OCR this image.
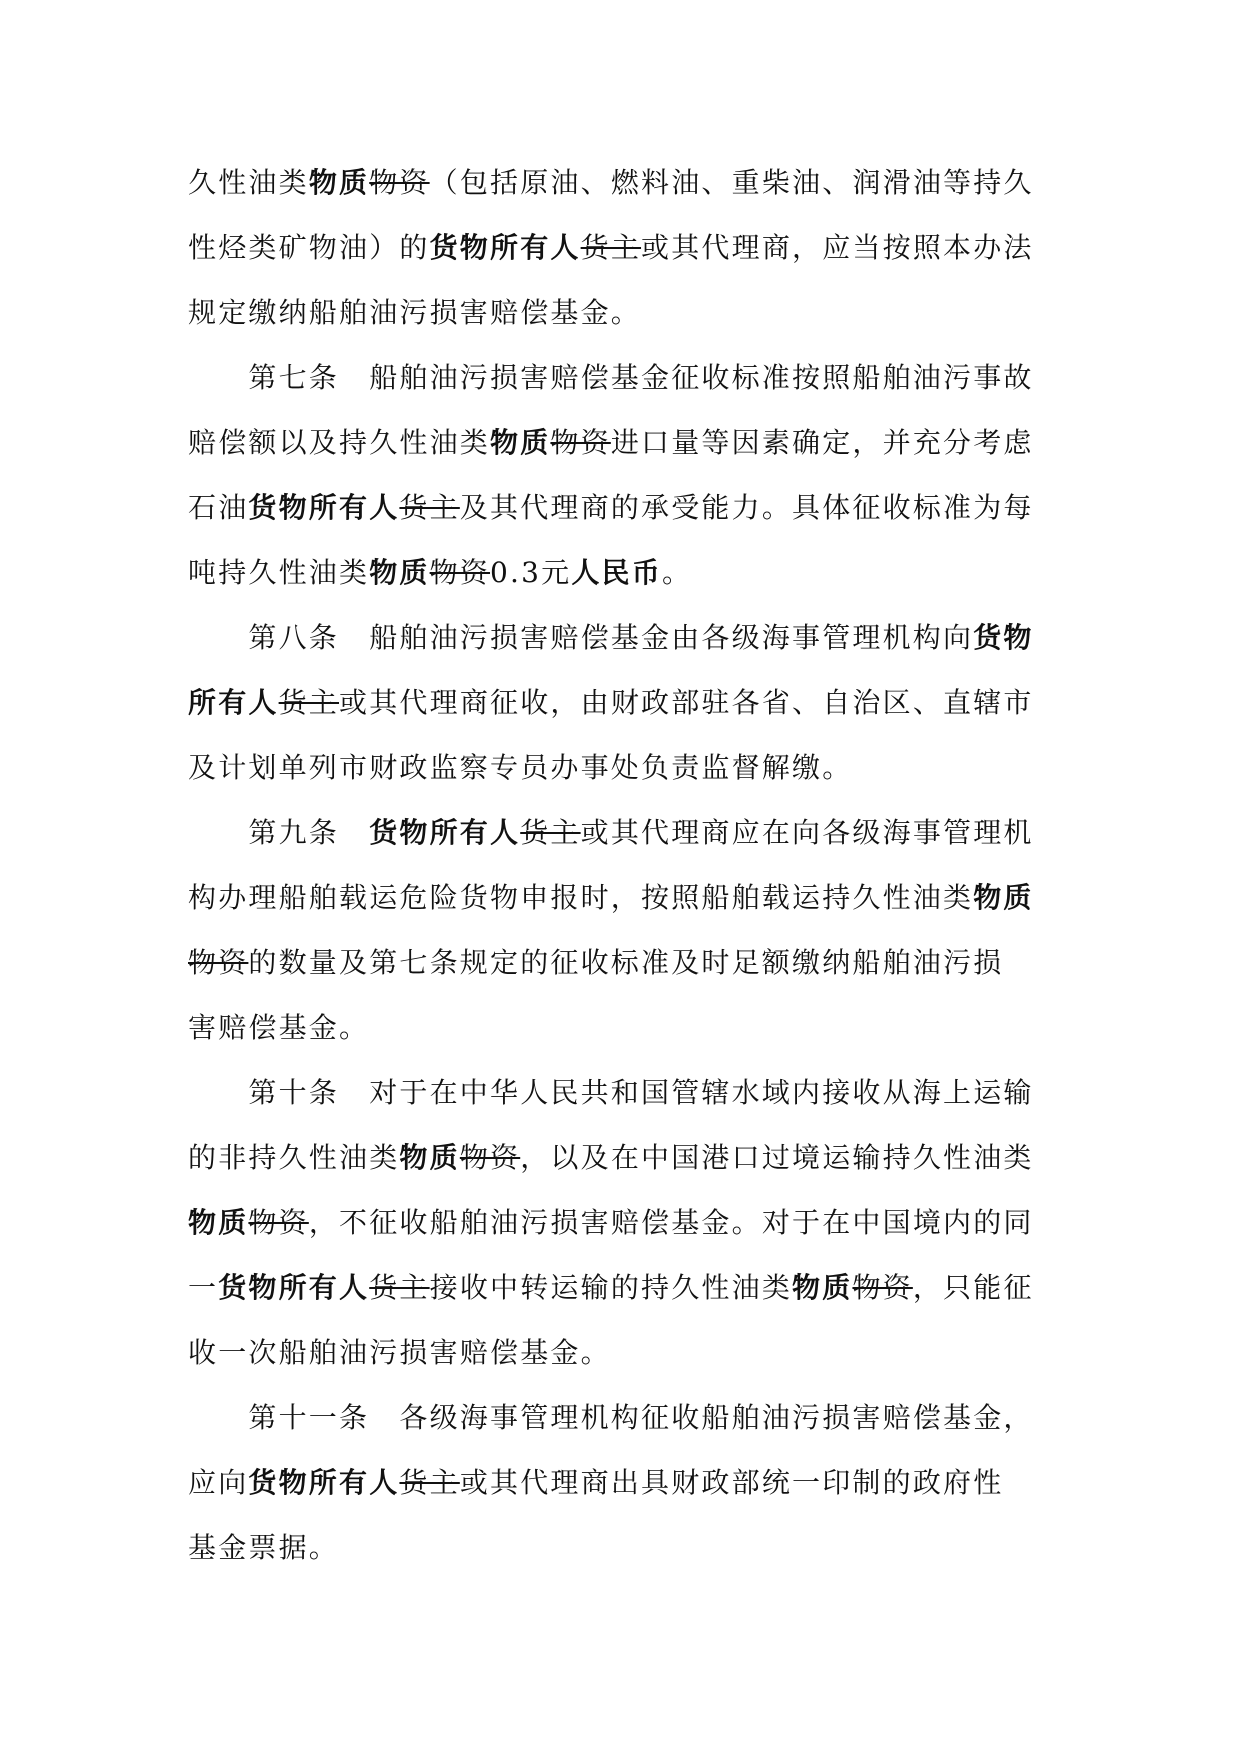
久性油类物质物资（包括原油、燃料油、重柴油、润滑油等持久
性烃类矿物油）的货物所有人货主或其代理商，应当按照本办法
规定缴纳船舶油污损害赔偿基金。
　　第七条　船舶油污损害赔偿基金征收标准按照船舶油污事故
赔偿额以及持久性油类物质物资进口量等因素确定，并充分考虑
石油货物所有人货主及其代理商的承受能力。具体征收标准为每
吨持久性油类物质物资0.3元人民币。
　　第八条　船舶油污损害赔偿基金由各级海事管理机构向货物
所有人货主或其代理商征收，由财政部驻各省、自治区、直辖市
及计划单列市财政监察专员办事处负责监督解缴。
　　第九条　货物所有人货主或其代理商应在向各级海事管理机
构办理船舶载运危险货物申报时，按照船舶载运持久性油类物质
物资的数量及第七条规定的征收标准及时足额缴纳船舶油污损
害赔偿基金。
　　第十条　对于在中华人民共和国管辖水域内接收从海上运输
的非持久性油类物质物资，以及在中国港口过境运输持久性油类
物质物资，不征收船舶油污损害赔偿基金。对于在中国境内的同
一货物所有人货主接收中转运输的持久性油类物质物资，只能征
收一次船舶油污损害赔偿基金。
　　第十一条　各级海事管理机构征收船舶油污损害赔偿基金，
应向货物所有人货主或其代理商出具财政部统一印制的政府性
基金票据。
